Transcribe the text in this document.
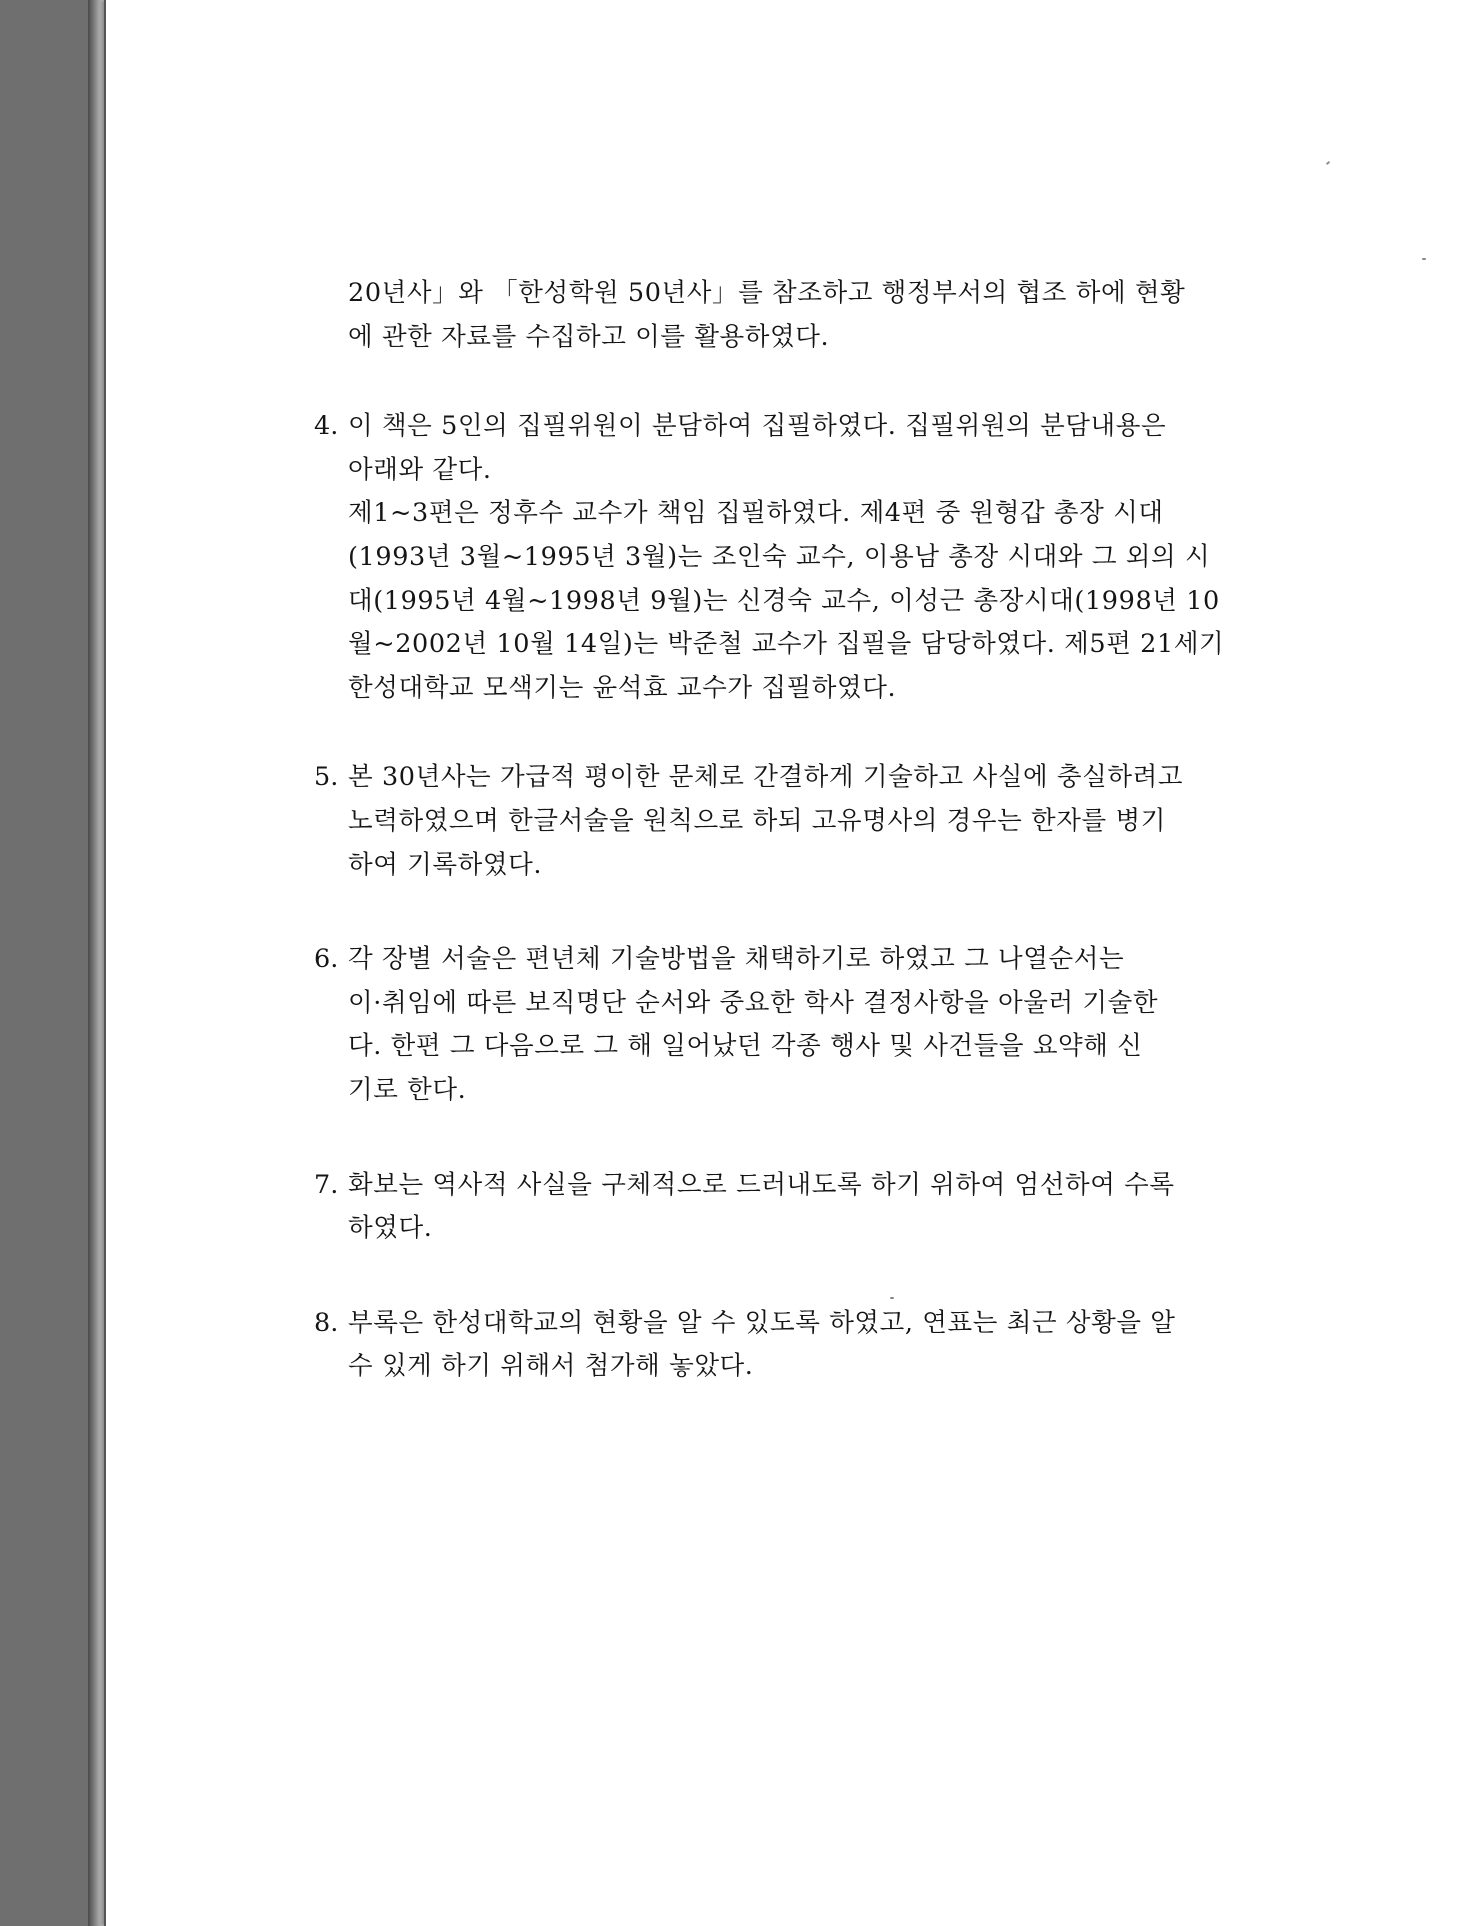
20년사」와 「한성학원 50년사」를 참조하고 행정부서의 협조 하에 현황
에 관한 자료를 수집하고 이를 활용하였다.
4. 이 책은 5인의 집필위원이 분담하여 집필하였다. 집필위원의 분담내용은
아래와 같다.
제1~3편은 정후수 교수가 책임 집필하였다. 제4편 중 원형갑 총장 시대
(1993년 3월~1995년 3월)는 조인숙 교수, 이용남 총장 시대와 그 외의 시
대(1995년 4월~1998년 9월)는 신경숙 교수, 이성근 총장시대(1998년 10
월~2002년 10월 14일)는 박준철 교수가 집필을 담당하였다. 제5편 21세기
한성대학교 모색기는 윤석효 교수가 집필하였다.
5. 본 30년사는 가급적 평이한 문체로 간결하게 기술하고 사실에 충실하려고
노력하였으며 한글서술을 원칙으로 하되 고유명사의 경우는 한자를 병기
하여 기록하였다.
6. 각 장별 서술은 편년체 기술방법을 채택하기로 하였고 그 나열순서는
이·취임에 따른 보직명단 순서와 중요한 학사 결정사항을 아울러 기술한
다. 한편 그 다음으로 그 해 일어났던 각종 행사 및 사건들을 요약해 신
기로 한다.
7. 화보는 역사적 사실을 구체적으로 드러내도록 하기 위하여 엄선하여 수록
하였다.
8. 부록은 한성대학교의 현황을 알 수 있도록 하였고, 연표는 최근 상황을 알
수 있게 하기 위해서 첨가해 놓았다.
